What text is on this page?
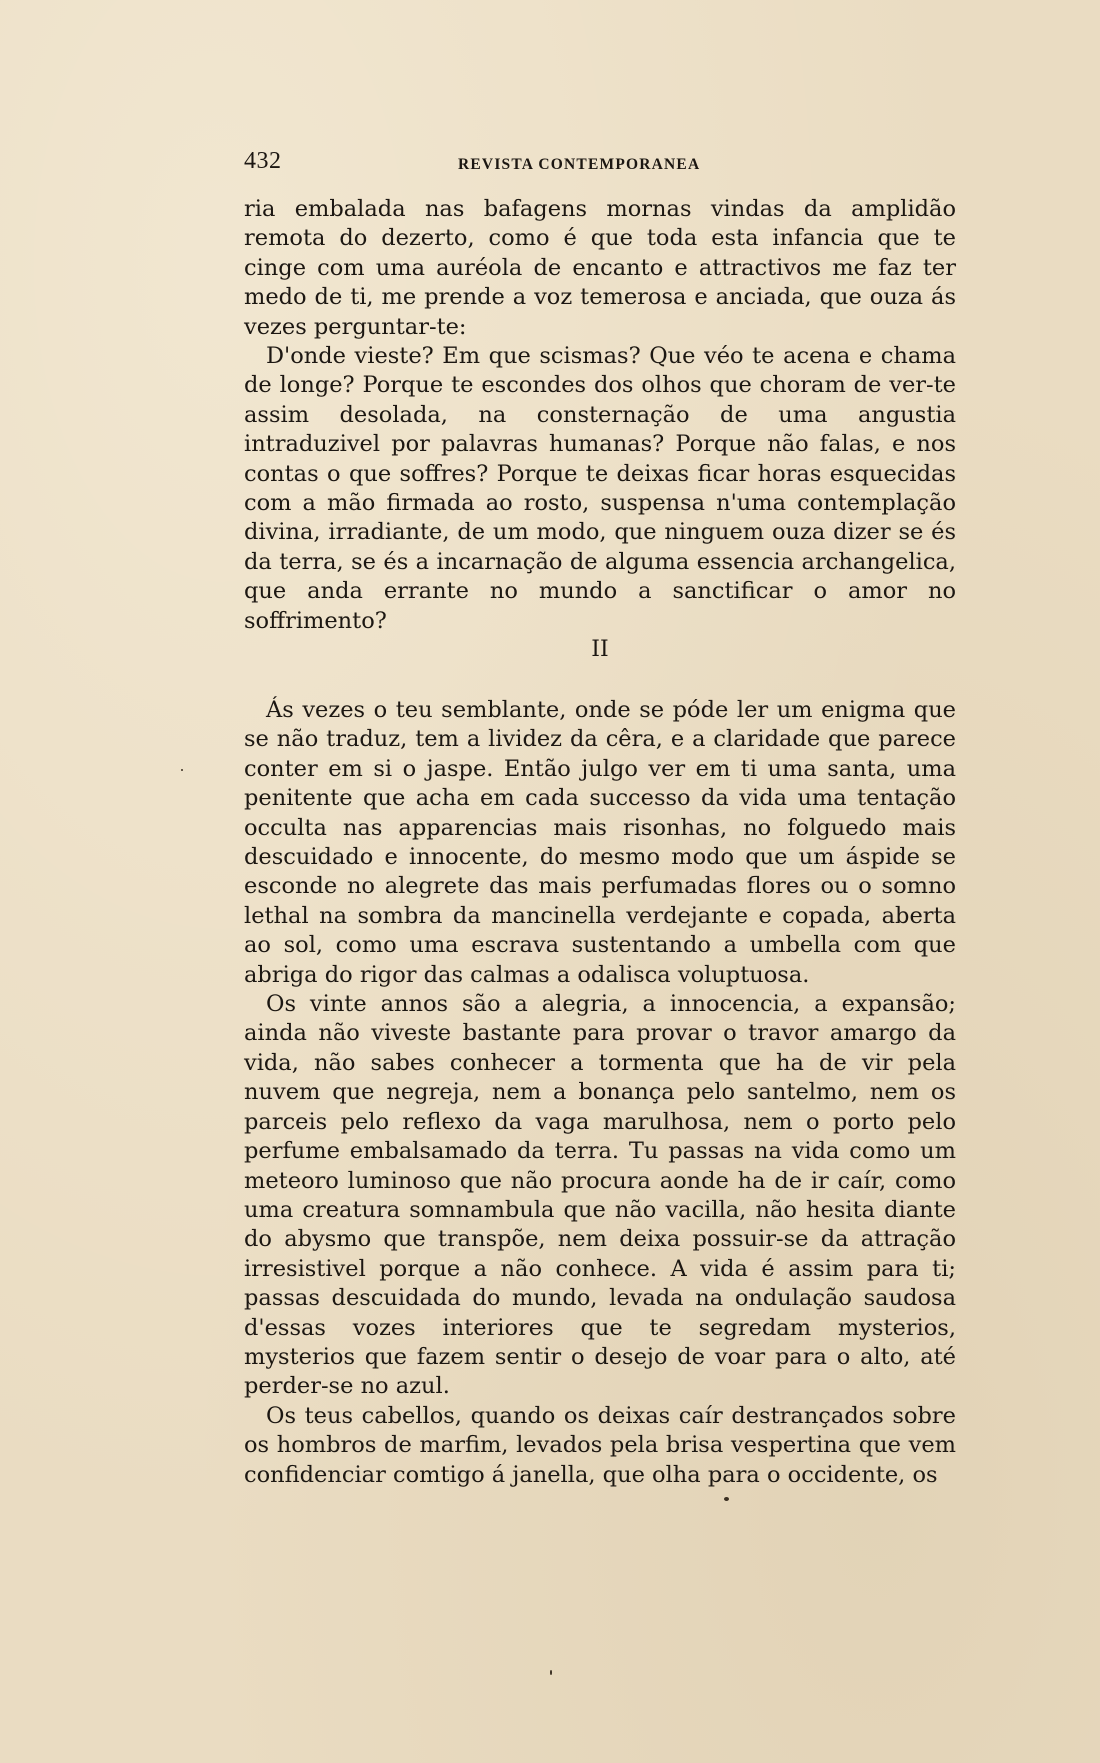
432	REVISTA CONTEMPORANEA

ria embalada nas bafagens mornas vindas da amplidão remota do dezerto, como é que toda esta infancia que te cinge com uma auréola de encanto e attractivos me faz ter medo de ti, me prende a voz temerosa e anciada, que ouza ás vezes perguntar-te:

D'onde vieste? Em que scismas? Que véo te acena e chama de longe? Porque te escondes dos olhos que choram de ver-te assim desolada, na consternação de uma angustia intraduzivel por palavras humanas? Porque não falas, e nos contas o que soffres? Porque te deixas ficar horas esquecidas com a mão firmada ao rosto, suspensa n'uma contemplação divina, irradiante, de um modo, que ninguem ouza dizer se és da terra, se és a incarnação de alguma essencia archangelica, que anda errante no mundo a sanctificar o amor no soffrimento?

II

Ás vezes o teu semblante, onde se póde ler um enigma que se não traduz, tem a lividez da cêra, e a claridade que parece conter em si o jaspe. Então julgo ver em ti uma santa, uma penitente que acha em cada successo da vida uma tentação occulta nas apparencias mais risonhas, no folguedo mais descuidado e innocente, do mesmo modo que um áspide se esconde no alegrete das mais perfumadas flores ou o somno lethal na sombra da mancinella verdejante e copada, aberta ao sol, como uma escrava sustentando a umbella com que abriga do rigor das calmas a odalisca voluptuosa.

Os vinte annos são a alegria, a innocencia, a expansão; ainda não viveste bastante para provar o travor amargo da vida, não sabes conhecer a tormenta que ha de vir pela nuvem que negreja, nem a bonança pelo santelmo, nem os parceis pelo reflexo da vaga marulhosa, nem o porto pelo perfume embalsamado da terra. Tu passas na vida como um meteoro luminoso que não procura aonde ha de ir caír, como uma creatura somnambula que não vacilla, não hesita diante do abysmo que transpõe, nem deixa possuir-se da attração irresistivel porque a não conhece. A vida é assim para ti; passas descuidada do mundo, levada na ondulação saudosa d'essas vozes interiores que te segredam mysterios, mysterios que fazem sentir o desejo de voar para o alto, até perder-se no azul.

Os teus cabellos, quando os deixas caír destrançados sobre os hombros de marfim, levados pela brisa vespertina que vem confidenciar comtigo á janella, que olha para o occidente, os
